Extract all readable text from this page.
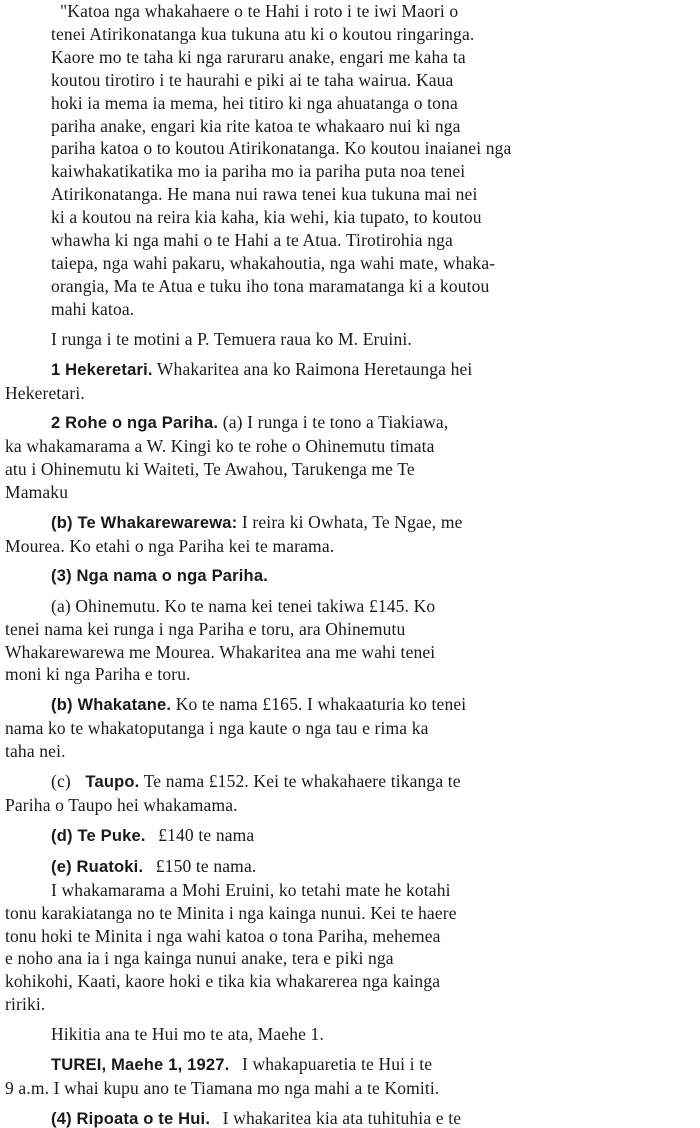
"Katoa nga whakahaere o te Hahi i roto i te iwi Maori o
tenei Atirikonatanga kua tukuna atu ki o koutou ringaringa.
Kaore mo te taha ki nga raruraru anake, engari me kaha ta
koutou tirotiro i te haurahi e piki ai te taha wairua. Kaua
hoki ia mema ia mema, hei titiro ki nga ahuatanga o tona
pariha anake, engari kia rite katoa te whakaaro nui ki nga
pariha katoa o to koutou Atirikonatanga. Ko koutou inaianei nga
kaiwhakatikatika mo ia pariha mo ia pariha puta noa tenei
Atirikonatanga. He mana nui rawa tenei kua tukuna mai nei
ki a koutou na reira kia kaha, kia wehi, kia tupato, to koutou
whawha ki nga mahi o te Hahi a te Atua. Tirotirohia nga
taiepa, nga wahi pakaru, whakahoutia, nga wahi mate, whaka-
orangia, Ma te Atua e tuku iho tona maramatanga ki a koutou
mahi katoa.

I runga i te motini a P. Temuera raua ko M. Eruini.

1 Hekeretari. Whakaritea ana ko Raimona Heretaunga hei
Hekeretari.

2 Rohe o nga Pariha. (a) I runga i te tono a Tiakiawa,
ka whakamarama a W. Kingi ko te rohe o Ohinemutu timata
atu i Ohinemutu ki Waiteti, Te Awahou, Tarukenga me Te
Mamaku

(b) Te Whakarewarewa: I reira ki Owhata, Te Ngae, me
Mourea. Ko etahi o nga Pariha kei te marama.

(3) Nga nama o nga Pariha.

(a) Ohinemutu. Ko te nama kei tenei takiwa £145. Ko
tenei nama kei runga i nga Pariha e toru, ara Ohinemutu
Whakarewarewa me Mourea. Whakaritea ana me wahi tenei
moni ki nga Pariha e toru.

(b) Whakatane. Ko te nama £165. I whakaaturia ko tenei
nama ko te whakatoputanga i nga kaute o nga tau e rima ka
taha nei.

(c) Taupo. Te nama £152. Kei te whakahaere tikanga te
Pariha o Taupo hei whakamama.

(d) Te Puke. £140 te nama

(e) Ruatoki. £150 te nama.

I whakamarama a Mohi Eruini, ko tetahi mate he kotahi
tonu karakiatanga no te Minita i nga kainga nunui. Kei te haere
tonu hoki te Minita i nga wahi katoa o tona Pariha, mehemea
e noho ana ia i nga kainga nunui anake, tera e piki nga
kohikohi, Kaati, kaore hoki e tika kia whakarerea nga kainga
ririki.

Hikitia ana te Hui mo te ata, Maehe 1.

TUREI, Maehe 1, 1927. I whakapuaretia te Hui i te
9 a.m. I whai kupu ano te Tiamana mo nga mahi a te Komiti.

(4) Ripoata o te Hui. I whakaritea kia ata tuhituhia e te
